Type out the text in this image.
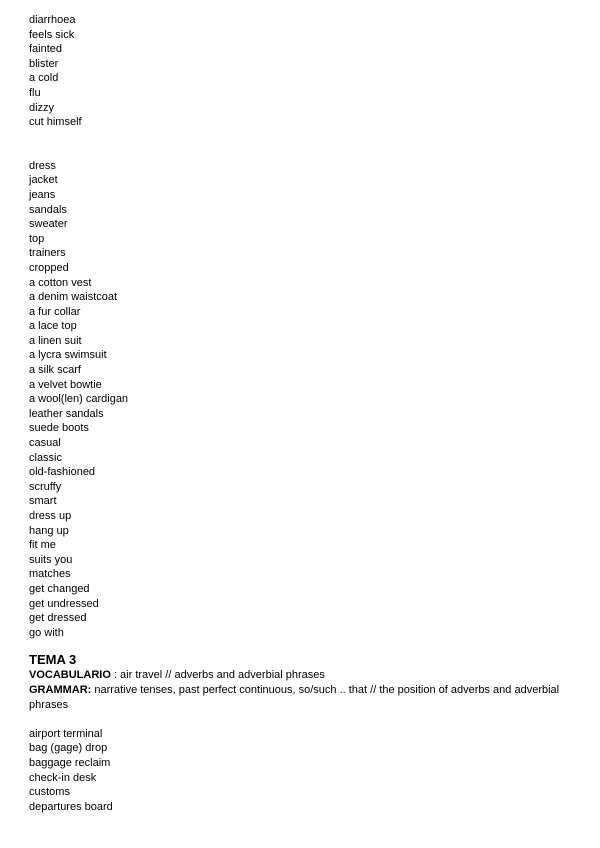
diarrhoea
feels sick
fainted
blister
a cold
flu
dizzy
cut himself
dress
jacket
jeans
sandals
sweater
top
trainers
cropped
a cotton vest
a denim waistcoat
a fur collar
a lace top
a linen suit
a lycra swimsuit
a silk scarf
a velvet bowtie
a wool(len) cardigan
leather sandals
suede boots
casual
classic
old-fashioned
scruffy
smart
dress up
hang up
fit me
suits you
matches
get changed
get undressed
get dressed
go with
TEMA 3
VOCABULARIO : air travel // adverbs and adverbial phrases
GRAMMAR: narrative tenses, past perfect continuous, so/such .. that // the position of adverbs and adverbial phrases
airport terminal
bag (gage) drop
baggage reclaim
check-in desk
customs
departures board
